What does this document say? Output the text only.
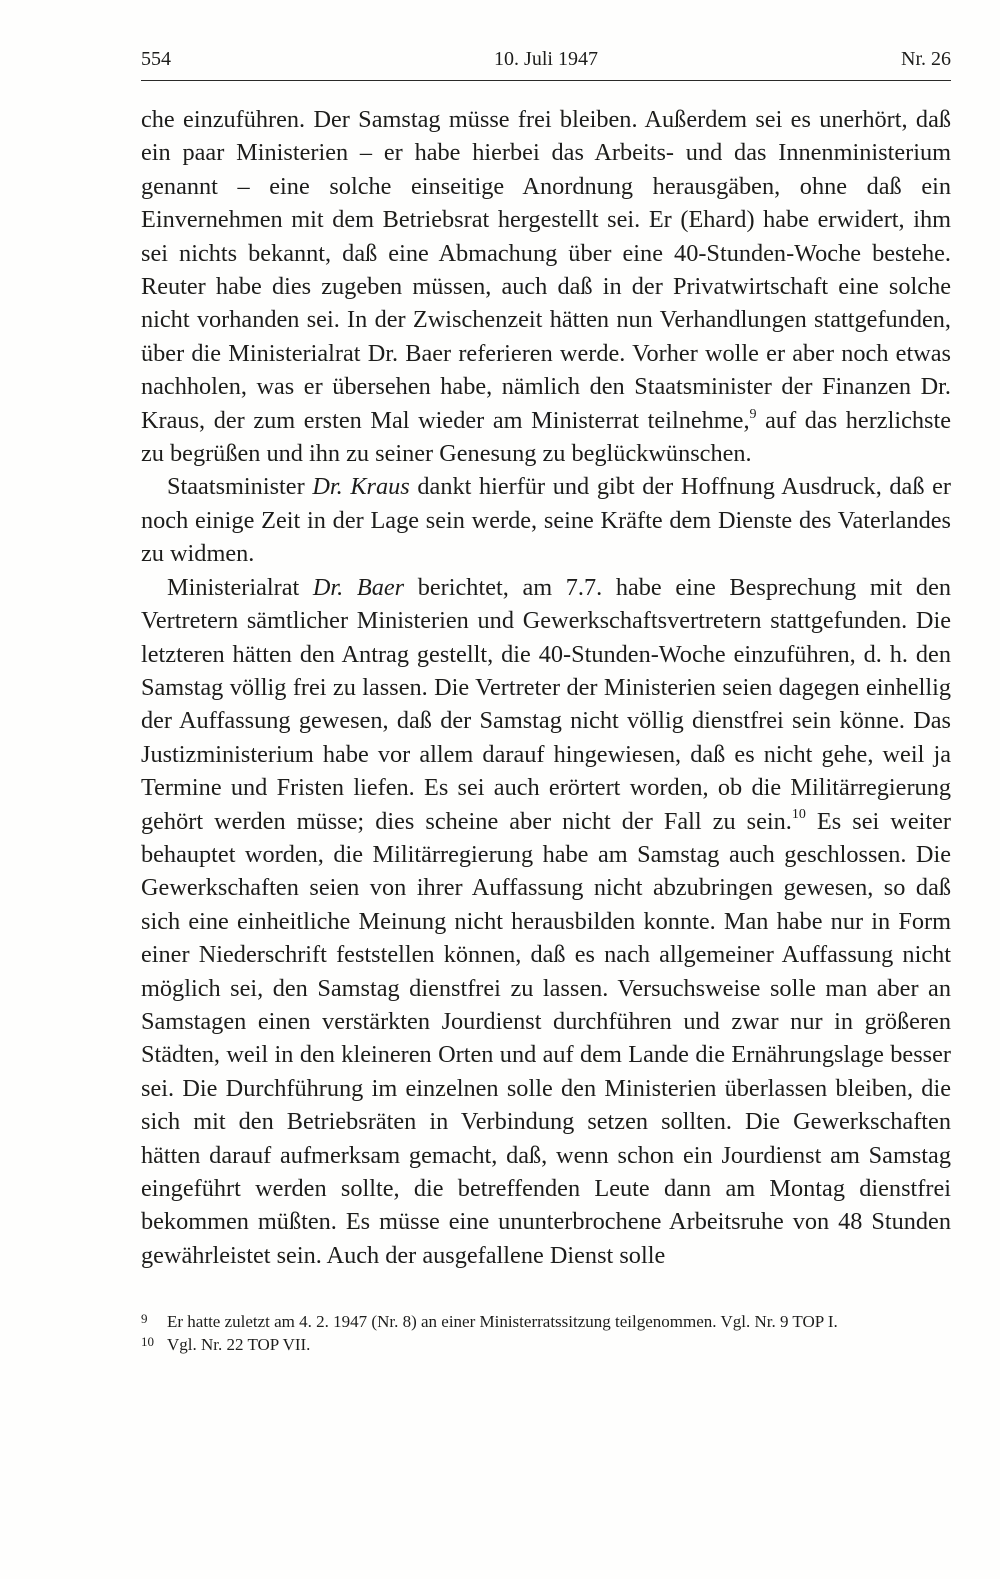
554	10. Juli 1947	Nr. 26

che einzuführen. Der Samstag müsse frei bleiben. Außerdem sei es unerhört, daß ein paar Ministerien – er habe hierbei das Arbeits- und das Innenministerium genannt – eine solche einseitige Anordnung herausgäben, ohne daß ein Einvernehmen mit dem Betriebsrat hergestellt sei. Er (Ehard) habe erwidert, ihm sei nichts bekannt, daß eine Abmachung über eine 40-Stunden-Woche bestehe. Reuter habe dies zugeben müssen, auch daß in der Privatwirtschaft eine solche nicht vorhanden sei. In der Zwischenzeit hätten nun Verhandlungen stattgefunden, über die Ministerialrat Dr. Baer referieren werde. Vorher wolle er aber noch etwas nachholen, was er übersehen habe, nämlich den Staatsminister der Finanzen Dr. Kraus, der zum ersten Mal wieder am Ministerrat teilnehme,$^9$ auf das herzlichste zu begrüßen und ihn zu seiner Genesung zu beglückwünschen.

Staatsminister Dr. Kraus dankt hierfür und gibt der Hoffnung Ausdruck, daß er noch einige Zeit in der Lage sein werde, seine Kräfte dem Dienste des Vaterlandes zu widmen.

Ministerialrat Dr. Baer berichtet, am 7.7. habe eine Besprechung mit den Vertretern sämtlicher Ministerien und Gewerkschaftsvertretern stattgefunden. Die letzteren hätten den Antrag gestellt, die 40-Stunden-Woche einzuführen, d. h. den Samstag völlig frei zu lassen. Die Vertreter der Ministerien seien dagegen einhellig der Auffassung gewesen, daß der Samstag nicht völlig dienstfrei sein könne. Das Justizministerium habe vor allem darauf hingewiesen, daß es nicht gehe, weil ja Termine und Fristen liefen. Es sei auch erörtert worden, ob die Militärregierung gehört werden müsse; dies scheine aber nicht der Fall zu sein.$^{10}$ Es sei weiter behauptet worden, die Militärregierung habe am Samstag auch geschlossen. Die Gewerkschaften seien von ihrer Auffassung nicht abzubringen gewesen, so daß sich eine einheitliche Meinung nicht herausbilden konnte. Man habe nur in Form einer Niederschrift feststellen können, daß es nach allgemeiner Auffassung nicht möglich sei, den Samstag dienstfrei zu lassen. Versuchsweise solle man aber an Samstagen einen verstärkten Jourdienst durchführen und zwar nur in größeren Städten, weil in den kleineren Orten und auf dem Lande die Ernährungslage besser sei. Die Durchführung im einzelnen solle den Ministerien überlassen bleiben, die sich mit den Betriebsräten in Verbindung setzen sollten. Die Gewerkschaften hätten darauf aufmerksam gemacht, daß, wenn schon ein Jourdienst am Samstag eingeführt werden sollte, die betreffenden Leute dann am Montag dienstfrei bekommen müßten. Es müsse eine ununterbrochene Arbeitsruhe von 48 Stunden gewährleistet sein. Auch der ausgefallene Dienst solle

9 Er hatte zuletzt am 4. 2. 1947 (Nr. 8) an einer Ministerratssitzung teilgenommen. Vgl. Nr. 9 TOP I.
10 Vgl. Nr. 22 TOP VII.
